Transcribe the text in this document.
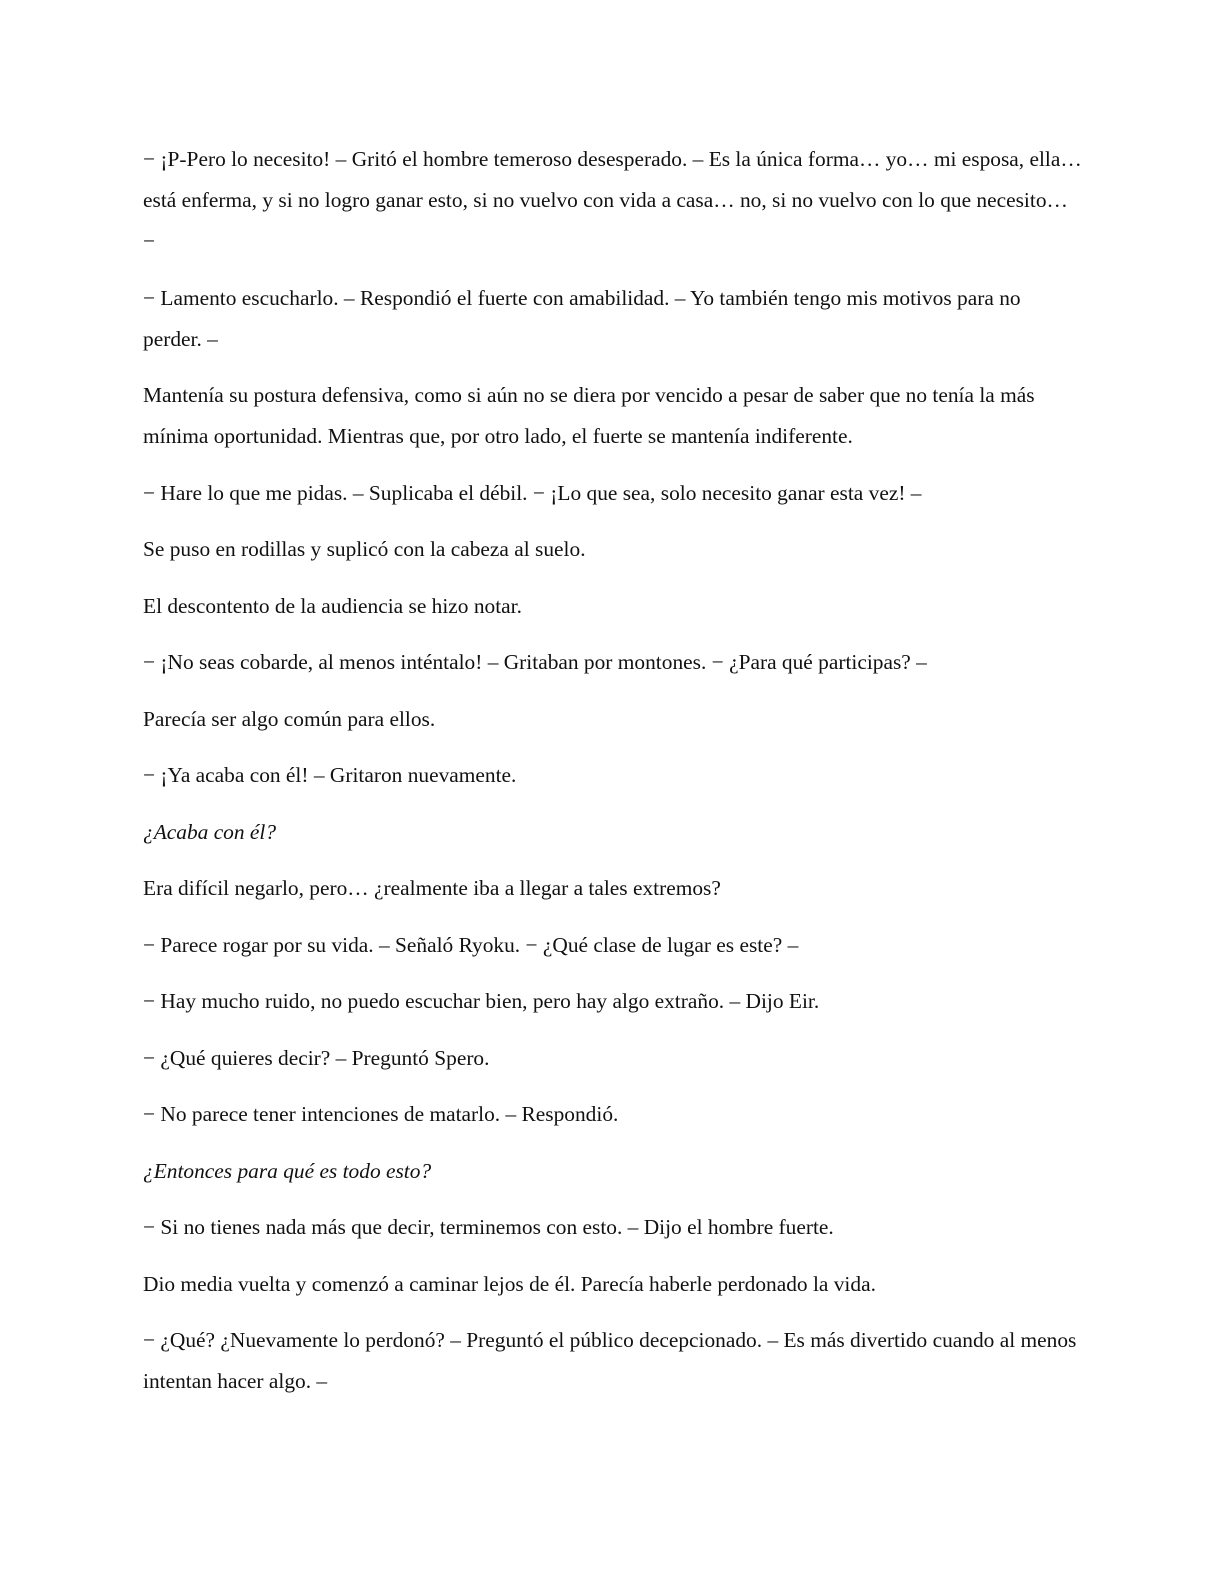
− ¡P-Pero lo necesito! – Gritó el hombre temeroso desesperado. – Es la única forma… yo… mi esposa, ella… está enferma, y si no logro ganar esto, si no vuelvo con vida a casa… no, si no vuelvo con lo que necesito… −

− Lamento escucharlo. – Respondió el fuerte con amabilidad. – Yo también tengo mis motivos para no perder. –

Mantenía su postura defensiva, como si aún no se diera por vencido a pesar de saber que no tenía la más mínima oportunidad. Mientras que, por otro lado, el fuerte se mantenía indiferente.

− Hare lo que me pidas. – Suplicaba el débil. − ¡Lo que sea, solo necesito ganar esta vez! –

Se puso en rodillas y suplicó con la cabeza al suelo.

El descontento de la audiencia se hizo notar.

− ¡No seas cobarde, al menos inténtalo! – Gritaban por montones. − ¿Para qué participas? –

Parecía ser algo común para ellos.

− ¡Ya acaba con él! – Gritaron nuevamente.

¿Acaba con él?

Era difícil negarlo, pero… ¿realmente iba a llegar a tales extremos?

− Parece rogar por su vida. – Señaló Ryoku. − ¿Qué clase de lugar es este? –

− Hay mucho ruido, no puedo escuchar bien, pero hay algo extraño. – Dijo Eir.

− ¿Qué quieres decir? – Preguntó Spero.

− No parece tener intenciones de matarlo. – Respondió.

¿Entonces para qué es todo esto?

− Si no tienes nada más que decir, terminemos con esto. – Dijo el hombre fuerte.

Dio media vuelta y comenzó a caminar lejos de él. Parecía haberle perdonado la vida.

− ¿Qué? ¿Nuevamente lo perdonó? – Preguntó el público decepcionado. – Es más divertido cuando al menos intentan hacer algo. –
